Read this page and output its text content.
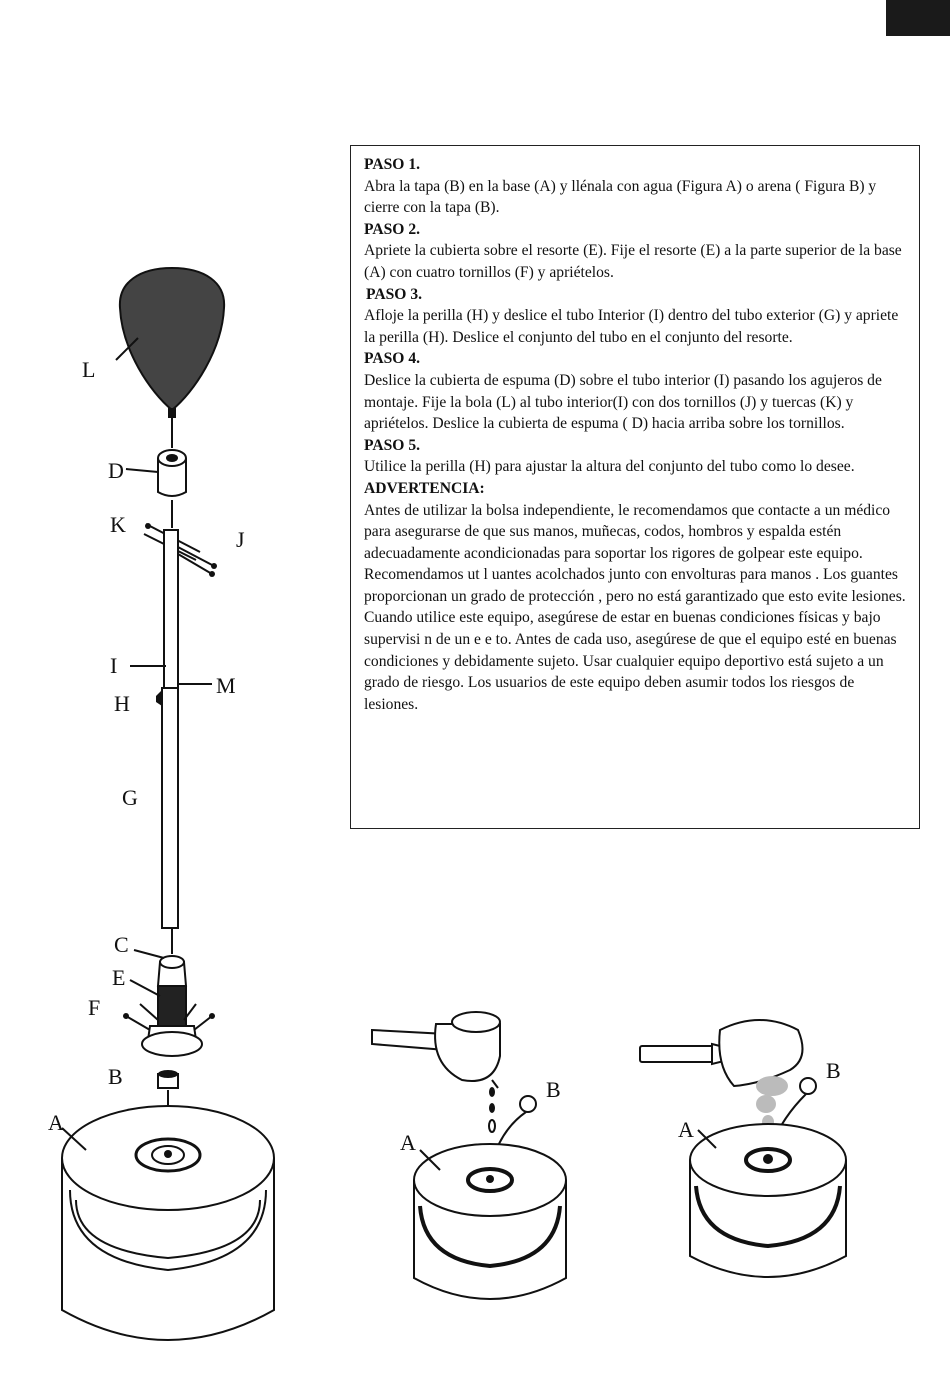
PASO 1.

Abra la tapa (B) en la base (A) y llénala con agua (Figura A) o arena ( Figura B) y cierre con la tapa (B).

PASO 2.

Apriete la cubierta sobre el resorte (E). Fije el resorte (E) a la parte superior de la base (A) con cuatro tornillos (F) y apriételos.

PASO 3.

Afloje la perilla (H) y deslice el tubo Interior (I) dentro del tubo exterior (G) y apriete la perilla (H). Deslice el conjunto del tubo en el conjunto del resorte.

PASO 4.

Deslice la cubierta de espuma (D) sobre el tubo interior (I) pasando los agujeros de montaje. Fije la bola (L) al tubo interior(I) con dos tornillos (J) y tuercas (K) y apriételos. Deslice la cubierta de espuma ( D) hacia arriba sobre los tornillos.

PASO 5.

Utilice la perilla (H) para ajustar la altura del conjunto del tubo como lo desee.

ADVERTENCIA:

Antes de utilizar la bolsa independiente, le recomendamos que contacte a un médico para asegurarse de que sus manos, muñecas, codos, hombros y espalda estén adecuadamente acondicionadas para soportar los rigores de golpear este equipo.

Recomendamos ut l uantes acolchados junto con envolturas para manos . Los guantes proporcionan un grado de protección , pero no está garantizado que esto evite lesiones.

Cuando utilice este equipo, asegúrese de estar en buenas condiciones físicas y bajo supervisi n de un e e to. Antes de cada uso, asegúrese de que el equipo esté en buenas condiciones y debidamente sujeto. Usar cualquier equipo deportivo está sujeto a un grado de riesgo. Los usuarios de este equipo deben asumir todos los riesgos de lesiones.

L
D
K
J
I
M
H
G
C
E
F
B
A
A
B
A
B
